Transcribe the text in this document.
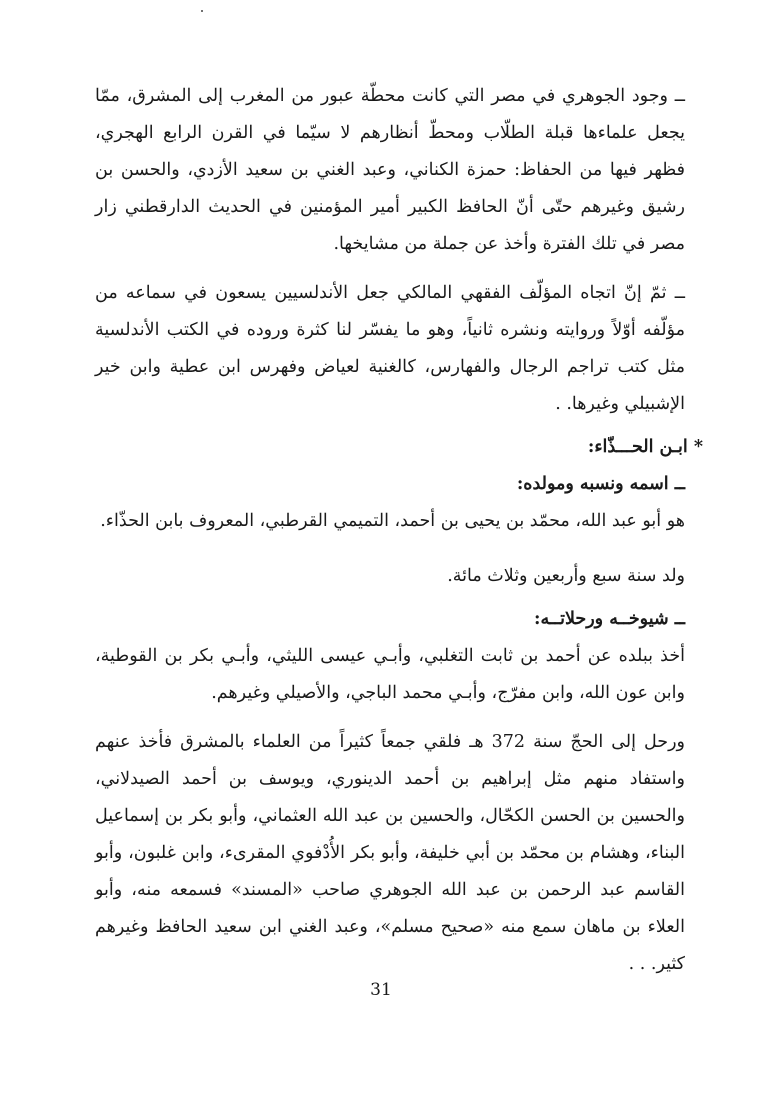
ــ وجود الجوهري في مصر التي كانت محطّة عبور من المغرب إلى المشرق، ممّا يجعل علماءها قبلة الطلّاب ومحطّ أنظارهم لا سيّما في القرن الرابع الهجري، فظهر فيها من الحفاظ: حمزة الكناني، وعبد الغني بن سعيد الأزدي، والحسن بن رشيق وغيرهم حتّى أنّ الحافظ الكبير أمير المؤمنين في الحديث الدارقطني زار مصر في تلك الفترة وأخذ عن جملة من مشايخها.

ــ ثمّ إنّ اتجاه المؤلّف الفقهي المالكي جعل الأندلسيين يسعون في سماعه من مؤلّفه أوّلاً وروايته ونشره ثانياً، وهو ما يفسّر لنا كثرة وروده في الكتب الأندلسية مثل كتب تراجم الرجال والفهارس، كالغنية لعياض وفهرس ابن عطية وابن خير الإشبيلي وغيرها. .

* ابـن الحـــذّاء:

ــ اسمه ونسبه ومولده:

هو أبو عبد الله، محمّد بن يحيى بن أحمد، التميمي القرطبي، المعروف بابن الحذّاء.

ولد سنة سبع وأربعين وثلاث مائة.

ــ شيوخــه ورحلاتــه:

أخذ ببلده عن أحمد بن ثابت التغلبي، وأبـي عيسى الليثي، وأبـي بكر بن القوطية، وابن عون الله، وابن مفرّج، وأبـي محمد الباجي، والأصيلي وغيرهم.

ورحل إلى الحجّ سنة 372 هـ فلقي جمعاً كثيراً من العلماء بالمشرق فأخذ عنهم واستفاد منهم مثل إبراهيم بن أحمد الدينوري، ويوسف بن أحمد الصيدلاني، والحسين بن الحسن الكحّال، والحسين بن عبد الله العثماني، وأبو بكر بن إسماعيل البناء، وهشام بن محمّد بن أبي خليفة، وأبو بكر الأُدْفوي المقرىء، وابن غلبون، وأبو القاسم عبد الرحمن بن عبد الله الجوهري صاحب «المسند» فسمعه منه، وأبو العلاء بن ماهان سمع منه «صحيح مسلم»، وعبد الغني ابن سعيد الحافظ وغيرهم كثير. . .

31
